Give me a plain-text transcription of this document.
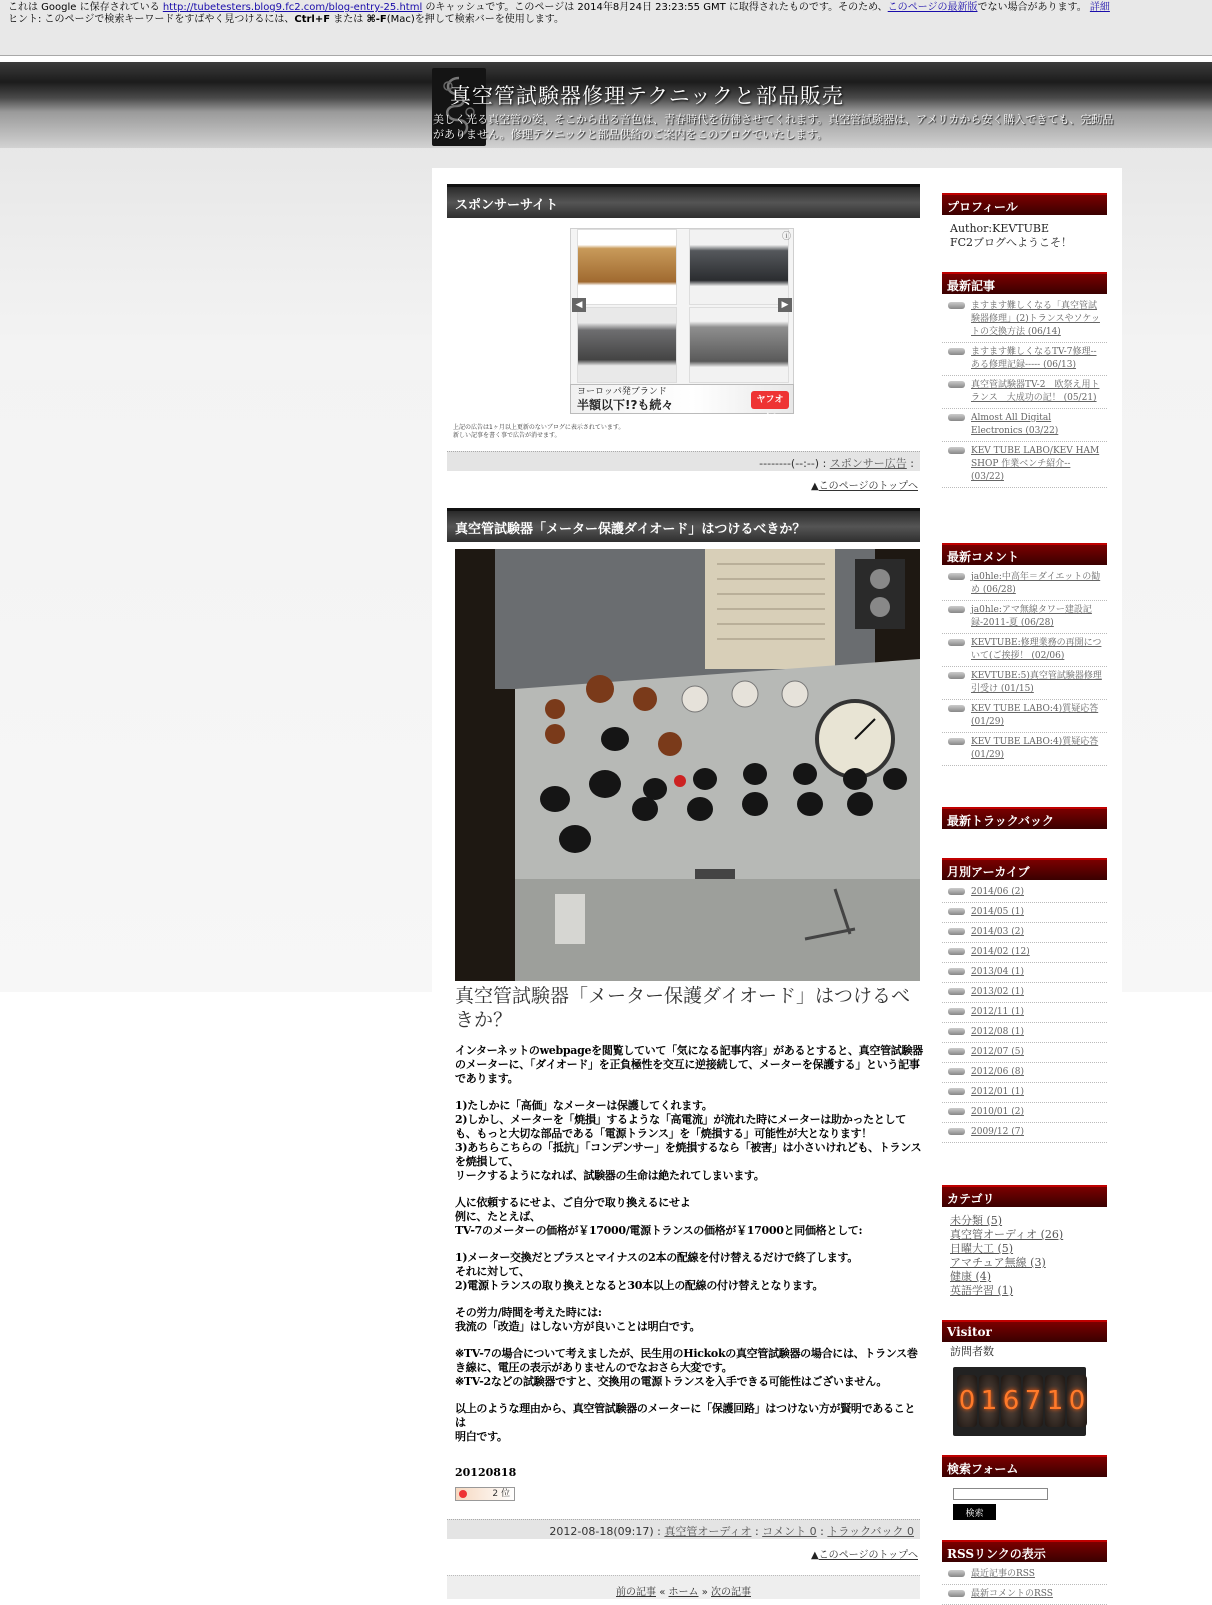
これは Google に保存されている http://tubetesters.blog9.fc2.com/blog-entry-25.html のキャッシュです。このページは 2014年8月24日 23:23:55 GMT に取得されたものです。そのため、このページの最新版でない場合があります。 詳細
ヒント: このページで検索キーワードをすばやく見つけるには、Ctrl+F または ⌘-F(Mac)を押して検索バーを使用します。
真空管試験器修理テクニックと部品販売
美しく光る真空管の姿、そこから出る音色は、青春時代を彷彿させてくれます。真空管試験器は、アメリカから安く購入できても、完動品がありません。修理テクニックと部品供給のご案内をこのブログでいたします。
スポンサーサイト
ⓘ
◀	▶
ヨーロッパ発ブランド
半額以下!?も続々	ヤフオク!
上記の広告は1ヶ月以上更新のないブログに表示されています。
新しい記事を書く事で広告が消せます。
--------(--:--) : スポンサー広告 :
▲このページのトップへ
真空管試験器「メーター保護ダイオード」はつけるべきか？
真空管試験器「メーター保護ダイオード」はつけるべきか？

インターネットのwebpageを閲覧していて「気になる記事内容」があるとすると、真空管試験器のメーターに、「ダイオード」を正負極性を交互に逆接続して、メーターを保護する」という記事であります。

1)たしかに「高価」なメーターは保護してくれます。
2)しかし、メーターを「焼損」するような「高電流」が流れた時にメーターは助かったとしても、もっと大切な部品である「電源トランス」を「焼損する」可能性が大となります！
3)あちらこちらの「抵抗」「コンデンサー」を焼損するなら「被害」は小さいけれども、トランスを焼損して、
リークするようになれば、試験器の生命は絶たれてしまいます。

人に依頼するにせよ、ご自分で取り換えるにせよ
例に、たとえば、
TV-7のメーターの価格が￥17000/電源トランスの価格が￥17000と同価格として:

1)メーター交換だとプラスとマイナスの2本の配線を付け替えるだけで終了します。
それに対して、
2)電源トランスの取り換えとなると30本以上の配線の付け替えとなります。

その労力/時間を考えた時には:
我流の「改造」はしない方が良いことは明白です。

※TV-7の場合について考えましたが、民生用のHickokの真空管試験器の場合には、トランス巻き線に、電圧の表示がありませんのでなおさら大変です。
※TV-2などの試験器ですと、交換用の電源トランスを入手できる可能性はございません。

以上のような理由から、真空管試験器のメーターに「保護回路」はつけない方が賢明であることは
明白です。

20120818
2 位
2012-08-18(09:17) : 真空管オーディオ : コメント 0 : トラックバック 0
▲このページのトップへ
前の記事 « ホーム » 次の記事
プロフィール
Author:KEVTUBE
FC2ブログへようこそ！
最新記事
ますます難しくなる「真空管試験器修理」(2)トランスやソケットの交換方法 (06/14)
ますます難しくなるTV-7修理--ある修理記録----- (06/13)
真空管試験器TV-2　欧祭え用トランス　大成功の記！ (05/21)
Almost All Digital Electronics (03/22)
KEV TUBE LABO/KEV HAM SHOP 作業ベンチ紹介-- (03/22)
最新コメント
ja0hle:中高年＝ダイエットの勧め (06/28)
ja0hle:アマ無線タワー建設記録-2011-夏 (06/28)
KEVTUBE:修理業務の再開について(ご挨拶！ (02/06)
KEVTUBE:5)真空管試験器修理引受け (01/15)
KEV TUBE LABO:4)質疑応答 (01/29)
KEV TUBE LABO:4)質疑応答 (01/29)
最新トラックバック
月別アーカイブ
2014/06 (2)
2014/05 (1)
2014/03 (2)
2014/02 (12)
2013/04 (1)
2013/02 (1)
2012/11 (1)
2012/08 (1)
2012/07 (5)
2012/06 (8)
2012/01 (1)
2010/01 (2)
2009/12 (7)
カテゴリ
未分類 (5)
真空管オーディオ (26)
日曜大工 (5)
アマチュア無線 (3)
健康 (4)
英語学習 (1)
Visitor
訪問者数
0 1 6 7 1 0
検索フォーム
検索
RSSリンクの表示
最近記事のRSS
最新コメントのRSS
